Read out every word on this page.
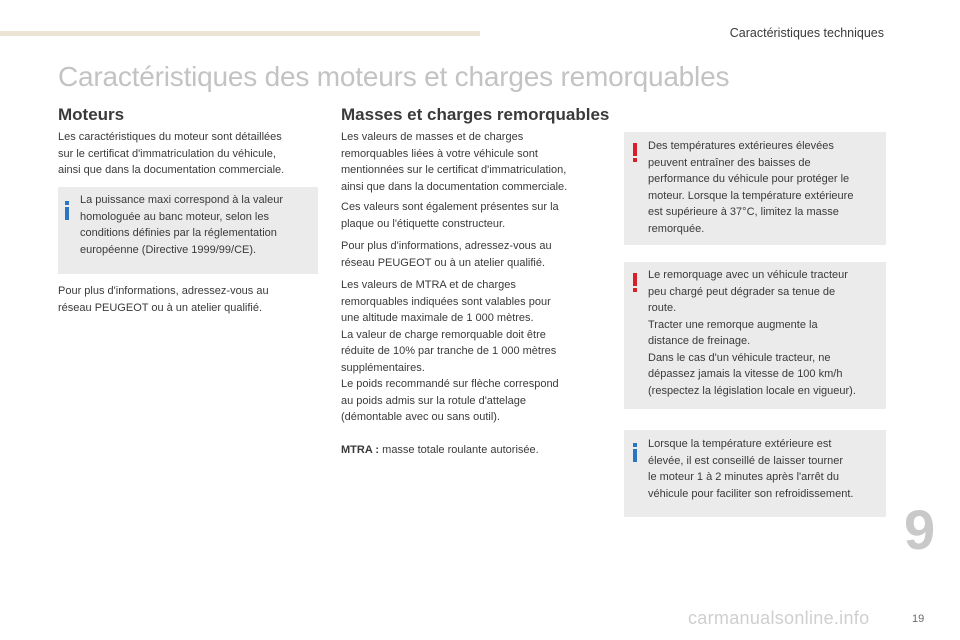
Caractéristiques techniques
Caractéristiques des moteurs et charges remorquables
Moteurs
Les caractéristiques du moteur sont détaillées
sur le certificat d'immatriculation du véhicule,
ainsi que dans la documentation commerciale.
La puissance maxi correspond à la valeur
homologuée au banc moteur, selon les
conditions définies par la réglementation
européenne (Directive 1999/99/CE).
Pour plus d'informations, adressez-vous au
réseau PEUGEOT ou à un atelier qualifié.
Masses et charges remorquables
Les valeurs de masses et de charges
remorquables liées à votre véhicule sont
mentionnées sur le certificat d'immatriculation,
ainsi que dans la documentation commerciale.
Ces valeurs sont également présentes sur la
plaque ou l'étiquette constructeur.
Pour plus d'informations, adressez-vous au
réseau PEUGEOT ou à un atelier qualifié.
Les valeurs de MTRA et de charges
remorquables indiquées sont valables pour
une altitude maximale de 1 000 mètres.
La valeur de charge remorquable doit être
réduite de 10% par tranche de 1 000 mètres
supplémentaires.
Le poids recommandé sur flèche correspond
au poids admis sur la rotule d'attelage
(démontable avec ou sans outil).
MTRA : masse totale roulante autorisée.
Des températures extérieures élevées
peuvent entraîner des baisses de
performance du véhicule pour protéger le
moteur. Lorsque la température extérieure
est supérieure à 37°C, limitez la masse
remorquée.
Le remorquage avec un véhicule tracteur
peu chargé peut dégrader sa tenue de
route.
Tracter une remorque augmente la
distance de freinage.
Dans le cas d'un véhicule tracteur, ne
dépassez jamais la vitesse de 100 km/h
(respectez la législation locale en vigueur).
Lorsque la température extérieure est
élevée, il est conseillé de laisser tourner
le moteur 1 à 2 minutes après l'arrêt du
véhicule pour faciliter son refroidissement.
9
carmanualsonline.info	19
